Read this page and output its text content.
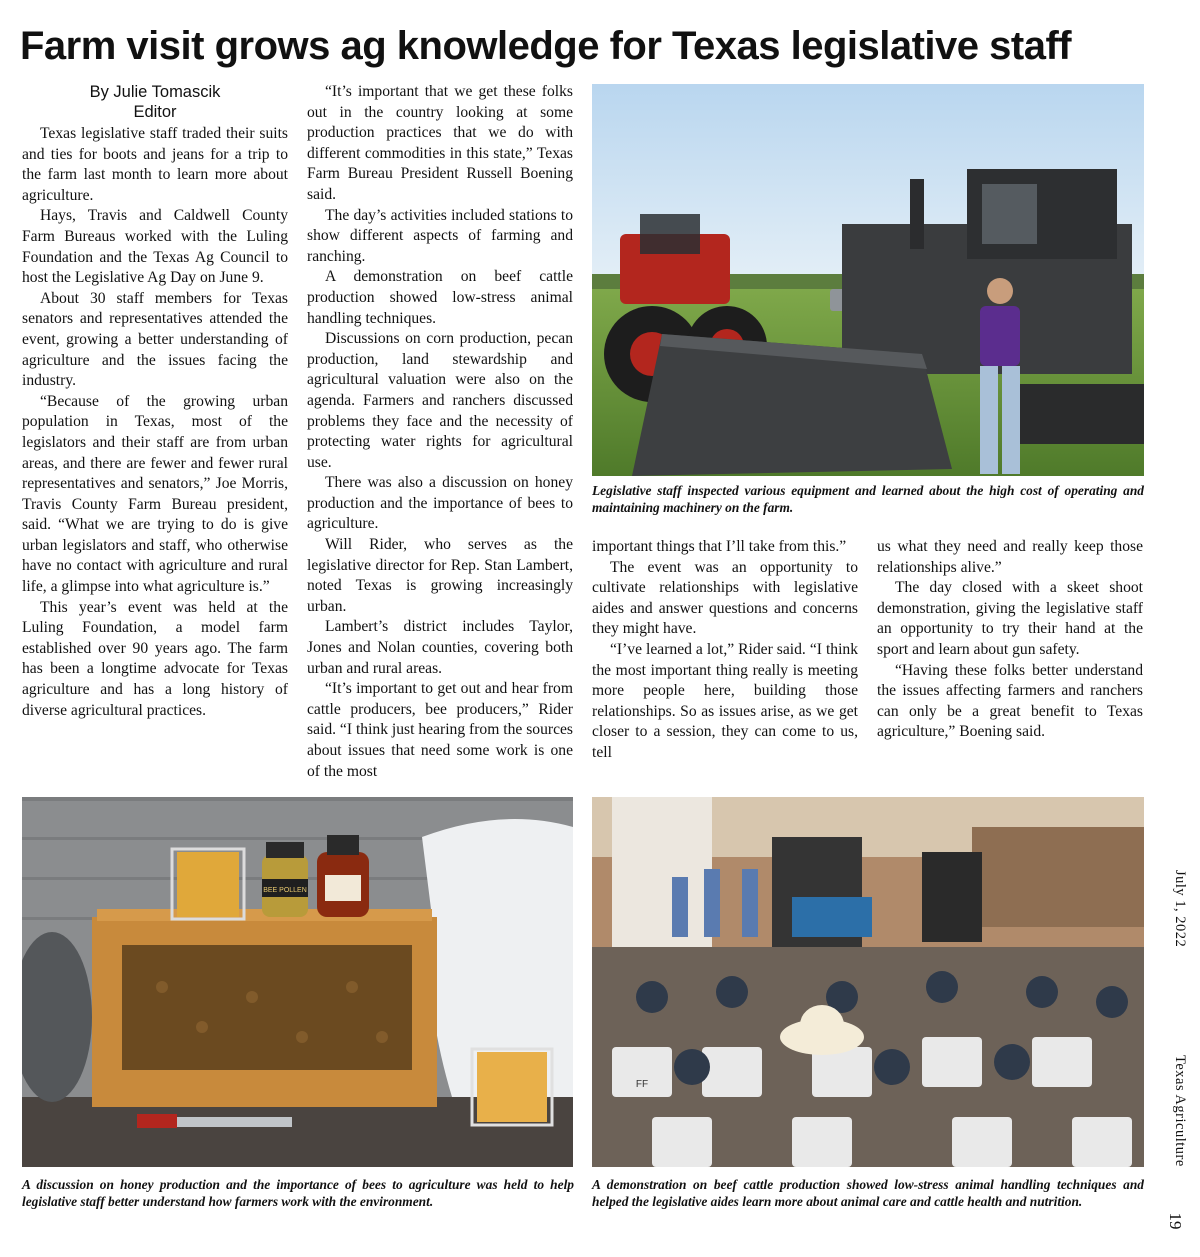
Farm visit grows ag knowledge for Texas legislative staff
By Julie Tomascik
Editor

Texas legislative staff traded their suits and ties for boots and jeans for a trip to the farm last month to learn more about agriculture.

Hays, Travis and Caldwell County Farm Bureaus worked with the Luling Foundation and the Texas Ag Council to host the Legislative Ag Day on June 9.

About 30 staff members for Texas senators and representatives attended the event, growing a better understanding of agriculture and the issues facing the industry.

“Because of the growing urban population in Texas, most of the legislators and their staff are from urban areas, and there are fewer and fewer rural representatives and senators,” Joe Morris, Travis County Farm Bureau president, said. “What we are trying to do is give urban legislators and staff, who otherwise have no contact with agriculture and rural life, a glimpse into what agriculture is.”

This year’s event was held at the Luling Foundation, a model farm established over 90 years ago. The farm has been a longtime advocate for Texas agriculture and has a long history of diverse agricultural practices.

“It’s important that we get these folks out in the country looking at some production practices that we do with different commodities in this state,” Texas Farm Bureau President Russell Boening said.

The day’s activities included stations to show different aspects of farming and ranching.

A demonstration on beef cattle production showed low-stress animal handling techniques.

Discussions on corn production, pecan production, land stewardship and agricultural valuation were also on the agenda. Farmers and ranchers discussed problems they face and the necessity of protecting water rights for agricultural use.

There was also a discussion on honey production and the importance of bees to agriculture.

Will Rider, who serves as the legislative director for Rep. Stan Lambert, noted Texas is growing increasingly urban.

Lambert’s district includes Taylor, Jones and Nolan counties, covering both urban and rural areas.

“It’s important to get out and hear from cattle producers, bee producers,” Rider said. “I think just hearing from the sources about issues that need some work is one of the most

Legislative staff inspected various equipment and learned about the high cost of operating and maintaining machinery on the farm.

important things that I’ll take from this.”

The event was an opportunity to cultivate relationships with legislative aides and answer questions and concerns they might have.

“I’ve learned a lot,” Rider said. “I think the most important thing really is meeting more people here, building those relationships. So as issues arise, as we get closer to a session, they can come to us, tell

us what they need and really keep those relationships alive.”

The day closed with a skeet shoot demonstration, giving the legislative staff an opportunity to try their hand at the sport and learn about gun safety.

“Having these folks better understand the issues affecting farmers and ranchers can only be a great benefit to Texas agriculture,” Boening said.

BEE POLLEN
FF
A discussion on honey production and the importance of bees to agriculture was held to help legislative staff better understand how farmers work with the environment.
A demonstration on beef cattle production showed low-stress animal handling techniques and helped the legislative aides learn more about animal care and cattle health and nutrition.
July 1, 2022
Texas Agriculture
19
